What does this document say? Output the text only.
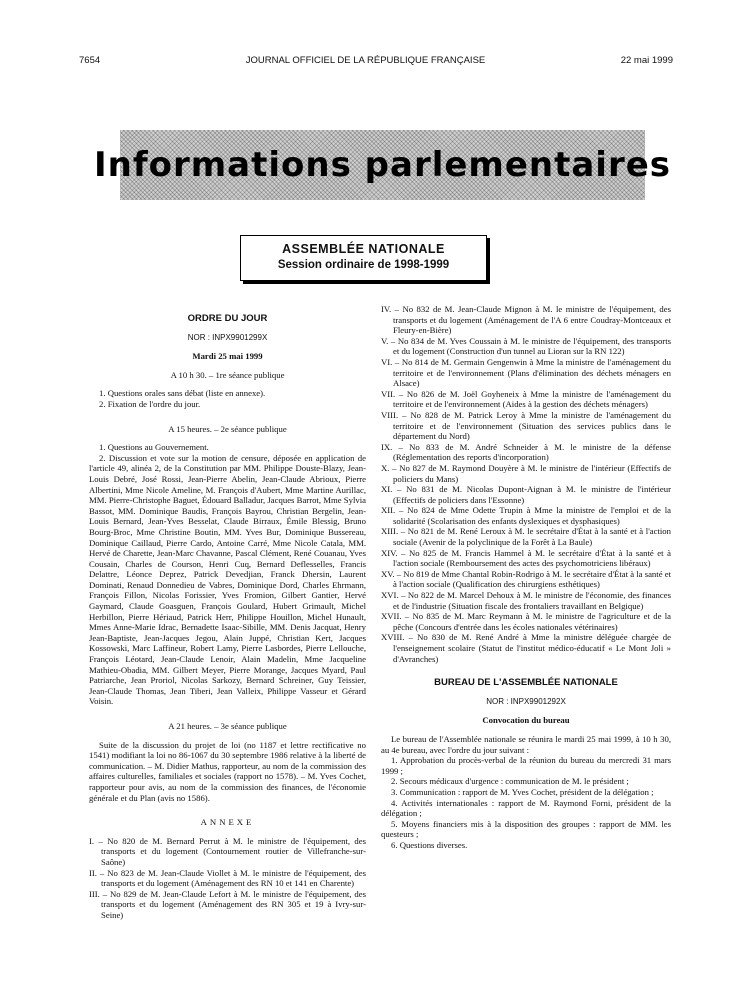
7654	JOURNAL OFFICIEL DE LA RÉPUBLIQUE FRANÇAISE	22 mai 1999
Informations parlementaires
ASSEMBLÉE NATIONALE
Session ordinaire de 1998-1999
ORDRE DU JOUR
NOR : INPX9901299X
Mardi 25 mai 1999
A 10 h 30. – 1re séance publique

1. Questions orales sans débat (liste en annexe).

2. Fixation de l'ordre du jour.

A 15 heures. – 2e séance publique

1. Questions au Gouvernement.

2. Discussion et vote sur la motion de censure, déposée en application de l'article 49, alinéa 2, de la Constitution par MM. Philippe Douste-Blazy, Jean-Louis Debré, José Rossi, Jean-Pierre Abelin, Jean-Claude Abrioux, Pierre Albertini, Mme Nicole Ameline, M. François d'Aubert, Mme Martine Aurillac, MM. Pierre-Christophe Baguet, Édouard Balladur, Jacques Barrot, Mme Sylvia Bassot, MM. Dominique Baudis, François Bayrou, Christian Bergelin, Jean-Louis Bernard, Jean-Yves Besselat, Claude Birraux, Émile Blessig, Bruno Bourg-Broc, Mme Christine Boutin, MM. Yves Bur, Dominique Bussereau, Dominique Caillaud, Pierre Cardo, Antoine Carré, Mme Nicole Catala, MM. Hervé de Charette, Jean-Marc Chavanne, Pascal Clément, René Couanau, Yves Cousain, Charles de Courson, Henri Cuq, Bernard Deflesselles, Francis Delattre, Léonce Deprez, Patrick Devedjian, Franck Dhersin, Laurent Dominati, Renaud Donnedieu de Vabres, Dominique Dord, Charles Ehrmann, François Fillon, Nicolas Forissier, Yves Fromion, Gilbert Gantier, Hervé Gaymard, Claude Goasguen, François Goulard, Hubert Grimault, Michel Herbillon, Pierre Hériaud, Patrick Herr, Philippe Houillon, Michel Hunault, Mmes Anne-Marie Idrac, Bernadette Isaac-Sibille, MM. Denis Jacquat, Henry Jean-Baptiste, Jean-Jacques Jegou, Alain Juppé, Christian Kert, Jacques Kossowski, Marc Laffineur, Robert Lamy, Pierre Lasbordes, Pierre Lellouche, François Léotard, Jean-Claude Lenoir, Alain Madelin, Mme Jacqueline Mathieu-Obadia, MM. Gilbert Meyer, Pierre Morange, Jacques Myard, Paul Patriarche, Jean Proriol, Nicolas Sarkozy, Bernard Schreiner, Guy Teissier, Jean-Claude Thomas, Jean Tiberi, Jean Valleix, Philippe Vasseur et Gérard Voisin.

A 21 heures. – 3e séance publique

Suite de la discussion du projet de loi (no 1187 et lettre rectificative no 1541) modifiant la loi no 86-1067 du 30 septembre 1986 relative à la liberté de communication. – M. Didier Mathus, rapporteur, au nom de la commission des affaires culturelles, familiales et sociales (rapport no 1578). – M. Yves Cochet, rapporteur pour avis, au nom de la commission des finances, de l'économie générale et du Plan (avis no 1586).

ANNEXE

I. – No 820 de M. Bernard Perrut à M. le ministre de l'équipement, des transports et du logement (Contournement routier de Villefranche-sur-Saône)

II. – No 823 de M. Jean-Claude Viollet à M. le ministre de l'équipement, des transports et du logement (Aménagement des RN 10 et 141 en Charente)

III. – No 829 de M. Jean-Claude Lefort à M. le ministre de l'équipement, des transports et du logement (Aménagement des RN 305 et 19 à Ivry-sur-Seine)

IV. – No 832 de M. Jean-Claude Mignon à M. le ministre de l'équipement, des transports et du logement (Aménagement de l'A 6 entre Coudray-Montceaux et Fleury-en-Bière)

V. – No 834 de M. Yves Coussain à M. le ministre de l'équipement, des transports et du logement (Construction d'un tunnel au Lioran sur la RN 122)

VI. – No 814 de M. Germain Gengenwin à Mme la ministre de l'aménagement du territoire et de l'environnement (Plans d'élimination des déchets ménagers en Alsace)

VII. – No 826 de M. Joël Goyheneix à Mme la ministre de l'aménagement du territoire et de l'environnement (Aides à la gestion des déchets ménagers)

VIII. – No 828 de M. Patrick Leroy à Mme la ministre de l'aménagement du territoire et de l'environnement (Situation des services publics dans le département du Nord)

IX. – No 833 de M. André Schneider à M. le ministre de la défense (Réglementation des reports d'incorporation)

X. – No 827 de M. Raymond Douyère à M. le ministre de l'intérieur (Effectifs de policiers du Mans)

XI. – No 831 de M. Nicolas Dupont-Aignan à M. le ministre de l'intérieur (Effectifs de policiers dans l'Essonne)

XII. – No 824 de Mme Odette Trupin à Mme la ministre de l'emploi et de la solidarité (Scolarisation des enfants dyslexiques et dysphasiques)

XIII. – No 821 de M. René Leroux à M. le secrétaire d'État à la santé et à l'action sociale (Avenir de la polyclinique de la Forêt à La Baule)

XIV. – No 825 de M. Francis Hammel à M. le secrétaire d'État à la santé et à l'action sociale (Remboursement des actes des psychomotriciens libéraux)

XV. – No 819 de Mme Chantal Robin-Rodrigo à M. le secrétaire d'État à la santé et à l'action sociale (Qualification des chirurgiens esthétiques)

XVI. – No 822 de M. Marcel Dehoux à M. le ministre de l'économie, des finances et de l'industrie (Situation fiscale des frontaliers travaillant en Belgique)

XVII. – No 835 de M. Marc Reymann à M. le ministre de l'agriculture et de la pêche (Concours d'entrée dans les écoles nationales vétérinaires)

XVIII. – No 830 de M. René André à Mme la ministre déléguée chargée de l'enseignement scolaire (Statut de l'institut médico-éducatif « Le Mont Joli » d'Avranches)

BUREAU DE L'ASSEMBLÉE NATIONALE
NOR : INPX9901292X
Convocation du bureau

Le bureau de l'Assemblée nationale se réunira le mardi 25 mai 1999, à 10 h 30, au 4e bureau, avec l'ordre du jour suivant :

1. Approbation du procès-verbal de la réunion du bureau du mercredi 31 mars 1999 ;

2. Secours médicaux d'urgence : communication de M. le président ;

3. Communication : rapport de M. Yves Cochet, président de la délégation ;

4. Activités internationales : rapport de M. Raymond Forni, président de la délégation ;

5. Moyens financiers mis à la disposition des groupes : rapport de MM. les questeurs ;

6. Questions diverses.
